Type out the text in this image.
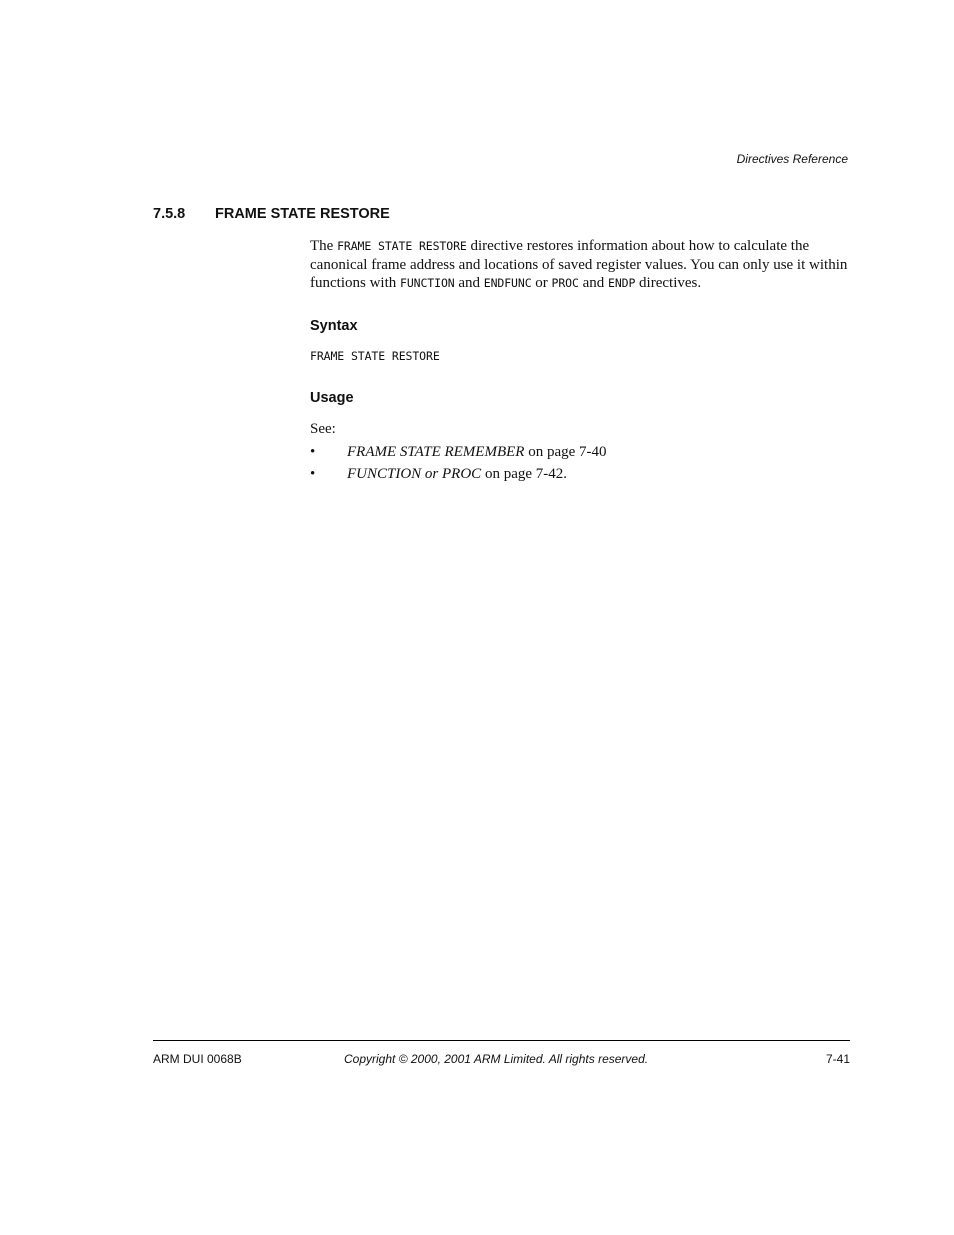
Directives Reference
7.5.8 FRAME STATE RESTORE

The FRAME STATE RESTORE directive restores information about how to calculate the canonical frame address and locations of saved register values. You can only use it within functions with FUNCTION and ENDFUNC or PROC and ENDP directives.

Syntax
FRAME STATE RESTORE
Usage
See:
• FRAME STATE REMEMBER on page 7-40
• FUNCTION or PROC on page 7-42.
ARM DUI 0068B	Copyright © 2000, 2001 ARM Limited. All rights reserved.	7-41
